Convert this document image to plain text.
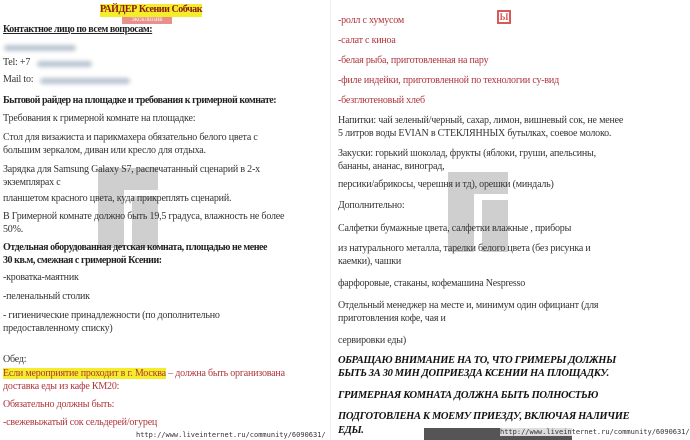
РАЙДЕР Ксении Собчак
ЭКСКЛЮЗИВ
Контактное лицо по всем вопросам:
Tel: +7
Mail to:
Бытовой райдер на площадке и требования к гримерной комнате:
Требования к гримерной комнате на площадке:
Стол для визажиста и парикмахера обязательно белого цвета с
большим зеркалом, диван или кресло для отдыха.
Зарядка для Samsung Galaxy S7, распечатанный сценарий в 2-х
экземплярах с
планшетом красного цвета, куда прикреплять сценарий.
В Гримерной комнате должно быть 19,5 градуса, влажность не более
50%.
Отдельная оборудованная детская комната, площадью не менее
30 кв.м, смежная с гримерной Ксении:
-кроватка-маятник
-пеленальный столик
- гигиенические принадлежности (по дополнительно
предоставленному списку)
Обед:
Если мероприятие проходит в г. Москва – должна быть организована
доставка еды из кафе КМ20:
Обязательно должны быть:
-свежевыжатый сок сельдерей/огурец
http://www.liveinternet.ru/community/6090631/
-ролл с хумусом
-салат с киноа
-белая рыба, приготовленная на пару
-филе индейки, приготовленной по технологии су-вид
-безглютеновый хлеб
Напитки: чай зеленый/черный, сахар, лимон, вишневый сок, не менее
5 литров воды EVIAN в СТЕКЛЯННЫХ бутылках, соевое молоко.
Закуски: горький шоколад, фрукты (яблоки, груши, апельсины,
бананы, ананас, виноград,
персики/абрикосы, черешня и тд), орешки (миндаль)
Дополнительно:
Салфетки бумажные цвета, салфетки влажные , приборы
из натурального металла, тарелки белого цвета (без рисунка и
каемки), чашки
фарфоровые, стаканы, кофемашина Nespresso
Отдельный менеджер на месте и, минимум один официант (для
приготовления кофе, чая и
сервировки еды)
ОБРАЩАЮ ВНИМАНИЕ НА ТО, ЧТО ГРИМЕРЫ ДОЛЖНЫ
БЫТЬ ЗА 30 МИН ДОПРИЕЗДА КСЕНИИ НА ПЛОЩАДКУ.
ГРИМЕРНАЯ КОМНАТА ДОЛЖНА БЫТЬ ПОЛНОСТЬЮ
ПОДГОТОВЛЕНА К МОЕМУ ПРИЕЗДУ, ВКЛЮЧАЯ НАЛИЧИЕ
ЕДЫ.
Ы
http://www.liveinternet.ru/community/6090631/
